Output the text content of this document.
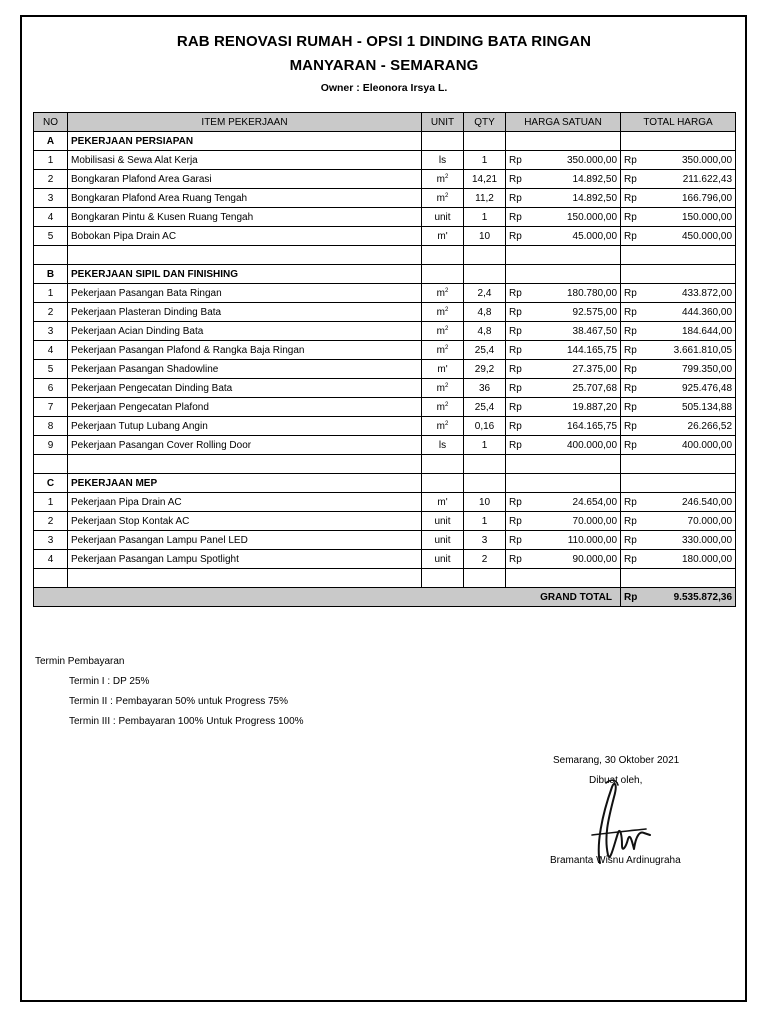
RAB RENOVASI RUMAH - OPSI 1 DINDING BATA RINGAN
MANYARAN - SEMARANG
Owner : Eleonora Irsya L.
NO	ITEM PEKERJAAN	UNIT	QTY	HARGA SATUAN		TOTAL HARGA	
A	PEKERJAAN PERSIAPAN						
1	Mobilisasi & Sewa Alat Kerja	ls	1	Rp	350.000,00	Rp	350.000,00
2	Bongkaran Plafond Area Garasi	$m^2$	14,21	Rp	14.892,50	Rp	211.622,43
3	Bongkaran Plafond Area Ruang Tengah	$m^2$	11,2	Rp	14.892,50	Rp	166.796,00
4	Bongkaran Pintu & Kusen Ruang Tengah	unit	1	Rp	150.000,00	Rp	150.000,00
5	Bobokan Pipa Drain AC	m'	10	Rp	45.000,00	Rp	450.000,00

B	PEKERJAAN SIPIL DAN FINISHING						
1	Pekerjaan Pasangan Bata Ringan	$m^2$	2,4	Rp	180.780,00	Rp	433.872,00
2	Pekerjaan Plasteran Dinding Bata	$m^2$	4,8	Rp	92.575,00	Rp	444.360,00
3	Pekerjaan Acian Dinding Bata	$m^2$	4,8	Rp	38.467,50	Rp	184.644,00
4	Pekerjaan Pasangan Plafond & Rangka Baja Ringan	$m^2$	25,4	Rp	144.165,75	Rp	3.661.810,05
5	Pekerjaan Pasangan Shadowline	m'	29,2	Rp	27.375,00	Rp	799.350,00
6	Pekerjaan Pengecatan Dinding Bata	$m^2$	36	Rp	25.707,68	Rp	925.476,48
7	Pekerjaan Pengecatan Plafond	$m^2$	25,4	Rp	19.887,20	Rp	505.134,88
8	Pekerjaan Tutup Lubang Angin	$m^2$	0,16	Rp	164.165,75	Rp	26.266,52
9	Pekerjaan Pasangan Cover Rolling Door	ls	1	Rp	400.000,00	Rp	400.000,00

C	PEKERJAAN MEP						
1	Pekerjaan Pipa Drain AC	m'	10	Rp	24.654,00	Rp	246.540,00
2	Pekerjaan Stop Kontak AC	unit	1	Rp	70.000,00	Rp	70.000,00
3	Pekerjaan Pasangan Lampu Panel LED	unit	3	Rp	110.000,00	Rp	330.000,00
4	Pekerjaan Pasangan Lampu Spotlight	unit	2	Rp	90.000,00	Rp	180.000,00

GRAND TOTAL						Rp	9.535.872,36
Termin Pembayaran
Termin I : DP 25%
Termin II : Pembayaran 50% untuk Progress 75%
Termin III : Pembayaran 100% Untuk Progress 100%
Semarang, 30 Oktober 2021
Dibuat oleh,
Bramanta Wisnu Ardinugraha
